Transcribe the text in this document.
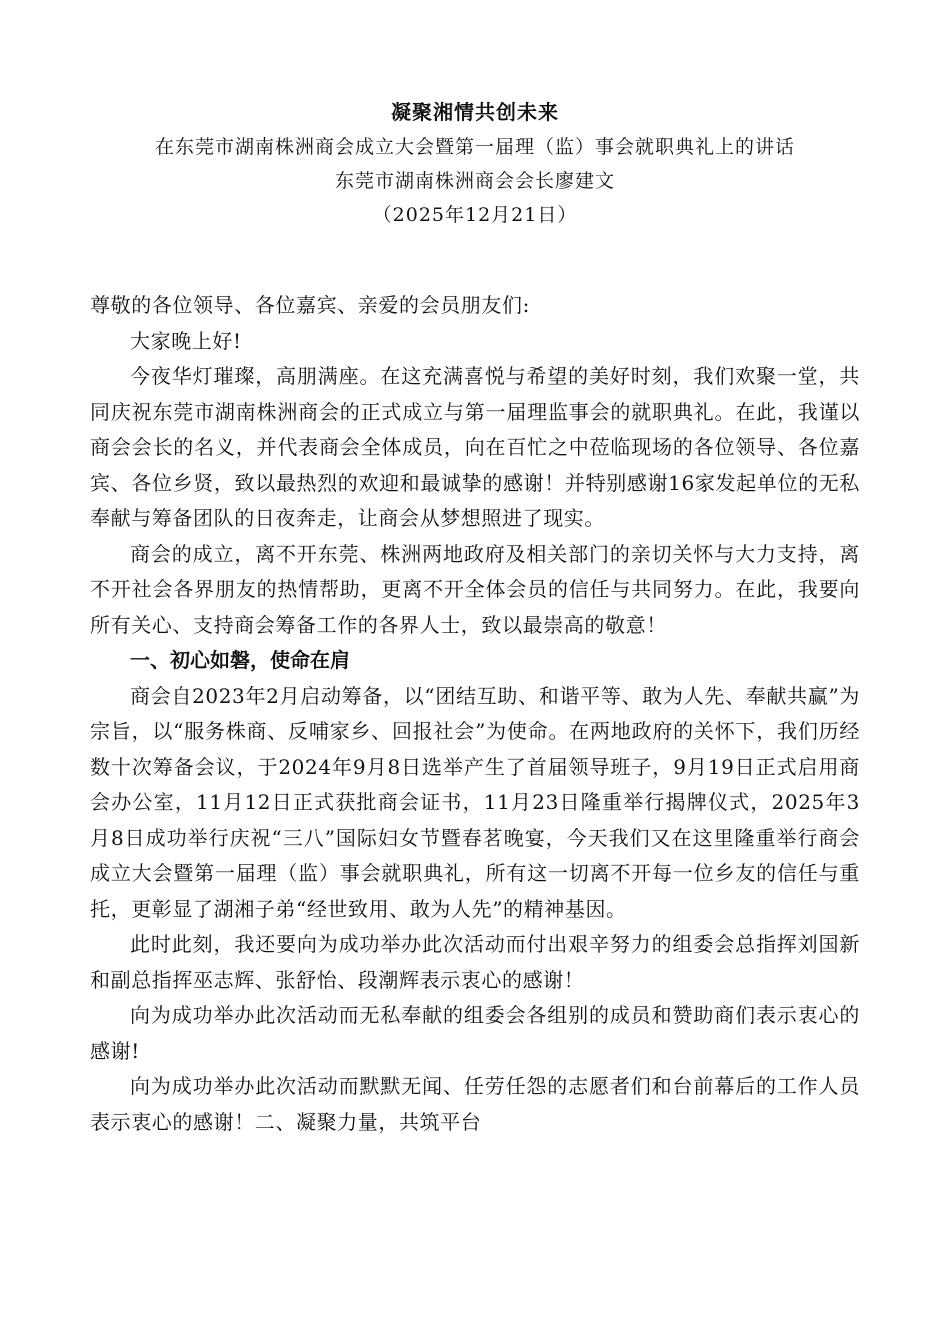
凝聚湘情共创未来
在东莞市湖南株洲商会成立大会暨第一届理（监）事会就职典礼上的讲话
东莞市湖南株洲商会会长廖建文
（2025年12月21日）

尊敬的各位领导、各位嘉宾、亲爱的会员朋友们:

大家晚上好!

今夜华灯璀璨，高朋满座。在这充满喜悦与希望的美好时刻，我们欢聚一堂，共同庆祝东莞市湖南株洲商会的正式成立与第一届理监事会的就职典礼。在此，我谨以商会会长的名义，并代表商会全体成员，向在百忙之中莅临现场的各位领导、各位嘉宾、各位乡贤，致以最热烈的欢迎和最诚挚的感谢！并特别感谢16家发起单位的无私奉献与筹备团队的日夜奔走，让商会从梦想照进了现实。

商会的成立，离不开东莞、株洲两地政府及相关部门的亲切关怀与大力支持，离不开社会各界朋友的热情帮助，更离不开全体会员的信任与共同努力。在此，我要向所有关心、支持商会筹备工作的各界人士，致以最崇高的敬意！

一、初心如磐，使命在肩

商会自2023年2月启动筹备，以“团结互助、和谐平等、敢为人先、奉献共赢”为宗旨，以“服务株商、反哺家乡、回报社会”为使命。在两地政府的关怀下，我们历经数十次筹备会议，于2024年9月8日选举产生了首届领导班子，9月19日正式启用商会办公室，11月12日正式获批商会证书，11月23日隆重举行揭牌仪式，2025年3月8日成功举行庆祝“三八”国际妇女节暨春茗晚宴，今天我们又在这里隆重举行商会成立大会暨第一届理（监）事会就职典礼，所有这一切离不开每一位乡友的信任与重托，更彰显了湖湘子弟“经世致用、敢为人先”的精神基因。

此时此刻，我还要向为成功举办此次活动而付出艰辛努力的组委会总指挥刘国新和副总指挥巫志辉、张舒怡、段潮辉表示衷心的感谢！

向为成功举办此次活动而无私奉献的组委会各组别的成员和赞助商们表示衷心的感谢!

向为成功举办此次活动而默默无闻、任劳任怨的志愿者们和台前幕后的工作人员表示衷心的感谢！二、凝聚力量，共筑平台
